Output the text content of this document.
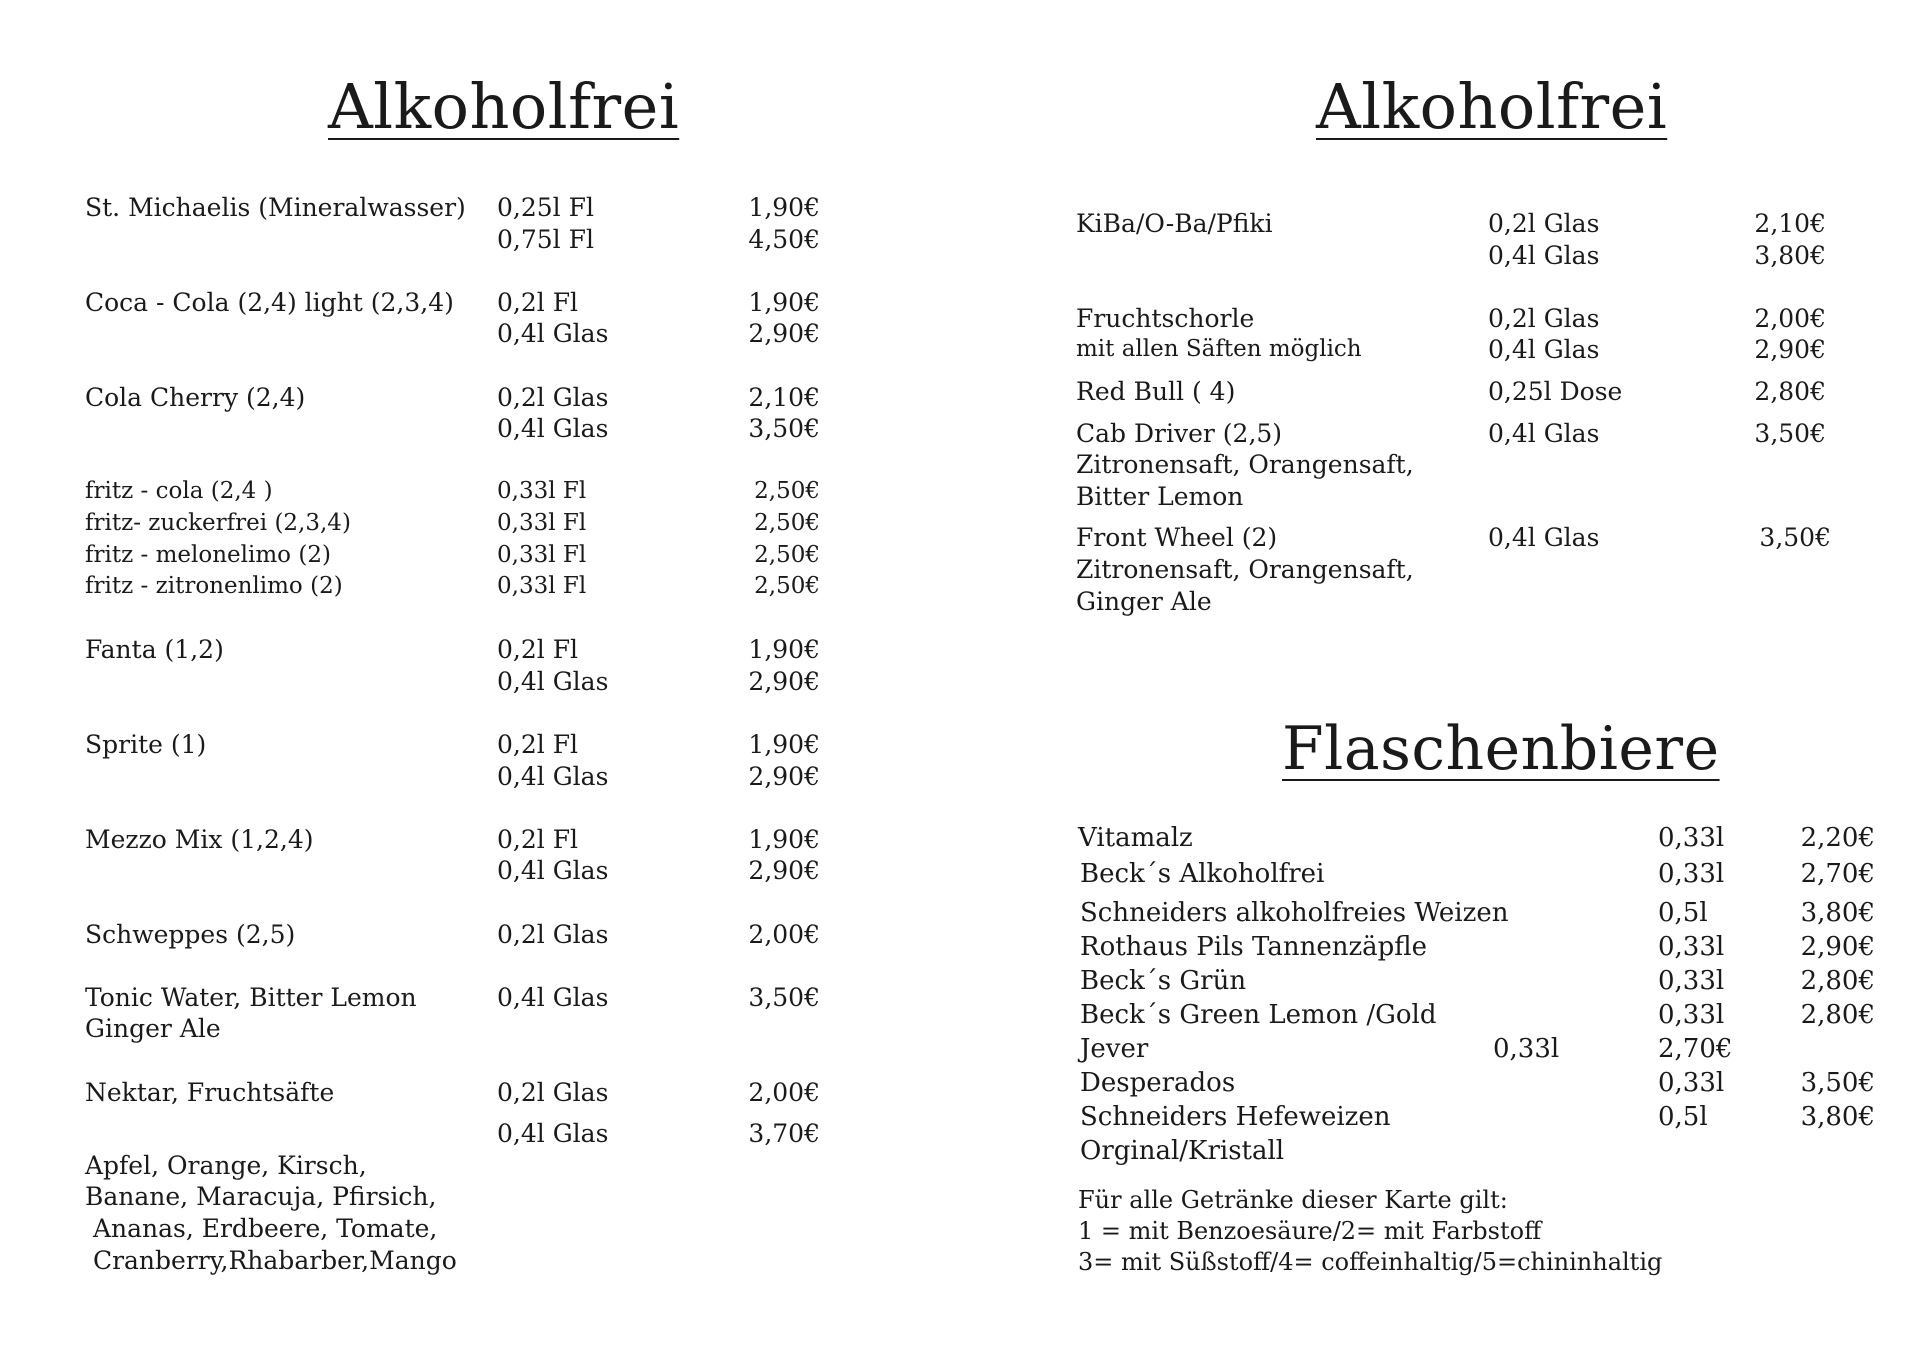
Alkoholfrei
St. Michaelis (Mineralwasser) 0,25l Fl	1,90€
0,75l Fl	4,50€
Coca - Cola (2,4) light (2,3,4) 0,2l Fl	1,90€
0,4l Glas	2,90€
Cola Cherry (2,4)	0,2l Glas	2,10€
0,4l Glas	3,50€
fritz - cola (2,4 )	0,33l Fl	2,50€
fritz- zuckerfrei (2,3,4)	0,33l Fl	2,50€
fritz - melonelimo (2)	0,33l Fl	2,50€
fritz - zitronenlimo (2)	0,33l Fl	2,50€
Fanta (1,2)	0,2l Fl	1,90€
0,4l Glas	2,90€
Sprite (1)	0,2l Fl	1,90€
0,4l Glas	2,90€
Mezzo Mix (1,2,4)	0,2l Fl	1,90€
0,4l Glas	2,90€
Schweppes (2,5)	0,2l Glas	2,00€
Tonic Water, Bitter Lemon	0,4l Glas	3,50€
Ginger Ale
Nektar, Fruchtsäfte	0,2l Glas	2,00€
0,4l Glas	3,70€
Apfel, Orange, Kirsch,
Banane, Maracuja, Pfirsich,
Ananas, Erdbeere, Tomate,
Cranberry,Rhabarber,Mango
Alkoholfrei
KiBa/O-Ba/Pfiki	0,2l Glas	2,10€
0,4l Glas	3,80€
Fruchtschorle	0,2l Glas	2,00€
mit allen Säften möglich	0,4l Glas	2,90€
Red Bull ( 4)	0,25l Dose	2,80€
Cab Driver (2,5)	0,4l Glas	3,50€
Zitronensaft, Orangensaft,
Bitter Lemon
Front Wheel (2)	0,4l Glas	3,50€
Zitronensaft, Orangensaft,
Ginger Ale
Flaschenbiere
Vitamalz	0,33l	2,20€
Beck´s Alkoholfrei	0,33l	2,70€
Schneiders alkoholfreies Weizen	0,5l	3,80€
Rothaus Pils Tannenzäpfle	0,33l	2,90€
Beck´s Grün	0,33l	2,80€
Beck´s Green Lemon /Gold	0,33l	2,80€
Jever	0,33l	2,70€
Desperados	0,33l	3,50€
Schneiders Hefeweizen	0,5l	3,80€
Orginal/Kristall
Für alle Getränke dieser Karte gilt:
1 = mit Benzoesäure/2= mit Farbstoff
3= mit Süßstoff/4= coffeinhaltig/5=chininhaltig
